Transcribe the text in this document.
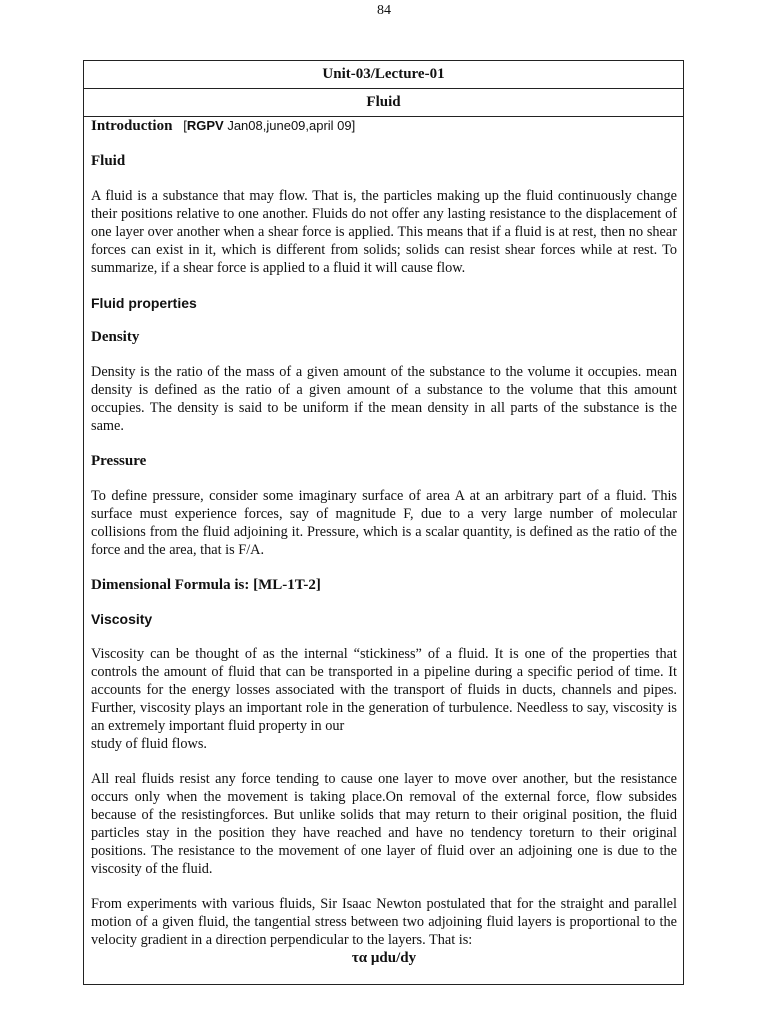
84
Unit-03/Lecture-01
Fluid

Introduction [RGPV Jan08,june09,april 09]

Fluid

A fluid is a substance that may flow. That is, the particles making up the fluid continuously change their positions relative to one another. Fluids do not offer any lasting resistance to the displacement of one layer over another when a shear force is applied. This means that if a fluid is at rest, then no shear forces can exist in it, which is different from solids; solids can resist shear forces while at rest. To summarize, if a shear force is applied to a fluid it will cause flow.

Fluid properties

Density

Density is the ratio of the mass of a given amount of the substance to the volume it occupies. mean density is defined as the ratio of a given amount of a substance to the volume that this amount occupies. The density is said to be uniform if the mean density in all parts of the substance is the same.

Pressure

To define pressure, consider some imaginary surface of area A at an arbitrary part of a fluid. This surface must experience forces, say of magnitude F, due to a very large number of molecular collisions from the fluid adjoining it. Pressure, which is a scalar quantity, is defined as the ratio of the force and the area, that is F/A.

Dimensional Formula is: [ML-1T-2]

Viscosity

Viscosity can be thought of as the internal “stickiness” of a fluid. It is one of the properties that controls the amount of fluid that can be transported in a pipeline during a specific period of time. It accounts for the energy losses associated with the transport of fluids in ducts, channels and pipes. Further, viscosity plays an important role in the generation of turbulence. Needless to say, viscosity is an extremely important fluid property in our

study of fluid flows.

All real fluids resist any force tending to cause one layer to move over another, but the resistance occurs only when the movement is taking place.On removal of the external force, flow subsides because of the resistingforces. But unlike solids that may return to their original position, the fluid particles stay in the position they have reached and have no tendency toreturn to their original positions. The resistance to the movement of one layer of fluid over an adjoining one is due to the viscosity of the fluid.

From experiments with various fluids, Sir Isaac Newton postulated that for the straight and parallel motion of a given fluid, the tangential stress between two adjoining fluid layers is proportional to the velocity gradient in a direction perpendicular to the layers. That is:

τα μdu/dy
